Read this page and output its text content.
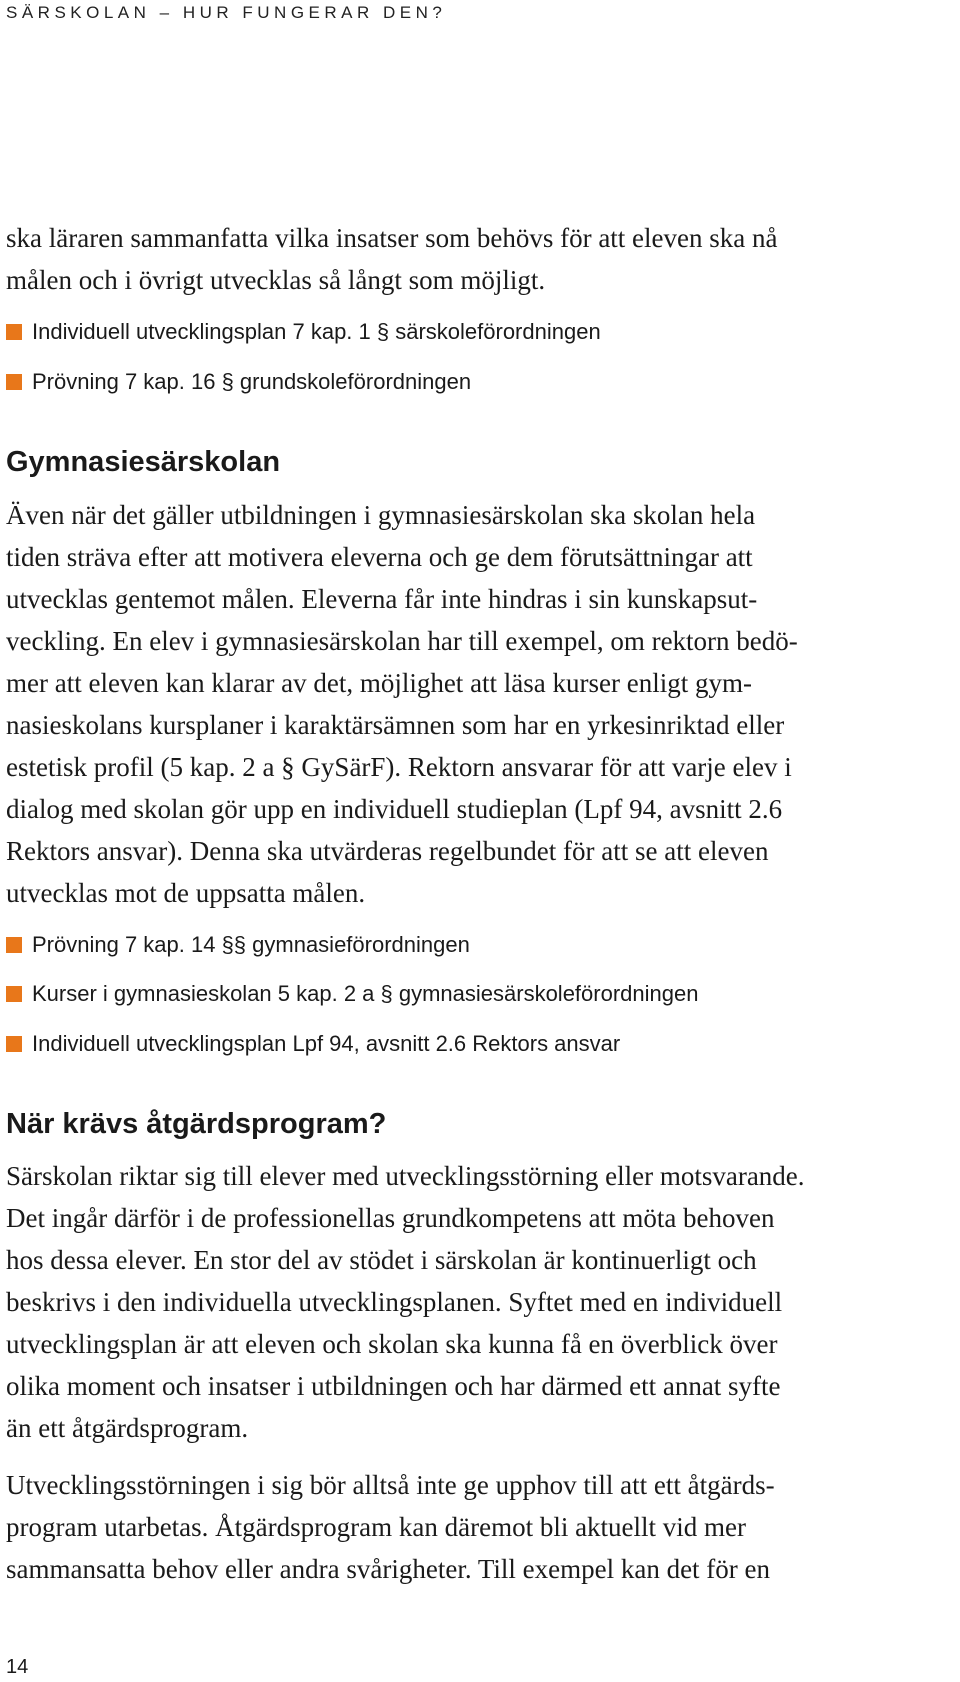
SÄRSKOLAN – HUR FUNGERAR DEN?
ska läraren sammanfatta vilka insatser som behövs för att eleven ska nå
målen och i övrigt utvecklas så långt som möjligt.
Individuell utvecklingsplan 7 kap. 1 § särskoleförordningen
Prövning 7 kap. 16 § grundskoleförordningen
Gymnasiesärskolan
Även när det gäller utbildningen i gymnasiesärskolan ska skolan hela
tiden sträva efter att motivera eleverna och ge dem förutsättningar att
utvecklas gentemot målen. Eleverna får inte hindras i sin kunskapsut-
veckling. En elev i gymnasiesärskolan har till exempel, om rektorn bedö-
mer att eleven kan klarar av det, möjlighet att läsa kurser enligt gym-
nasieskolans kursplaner i karaktärsämnen som har en yrkesinriktad eller
estetisk profil (5 kap. 2 a § GySärF). Rektorn ansvarar för att varje elev i
dialog med skolan gör upp en individuell studieplan (Lpf 94, avsnitt 2.6
Rektors ansvar). Denna ska utvärderas regelbundet för att se att eleven
utvecklas mot de uppsatta målen.
Prövning 7 kap. 14 §§ gymnasieförordningen
Kurser i gymnasieskolan 5 kap. 2 a § gymnasiesärskoleförordningen
Individuell utvecklingsplan Lpf 94, avsnitt 2.6 Rektors ansvar
När krävs åtgärdsprogram?
Särskolan riktar sig till elever med utvecklingsstörning eller motsvarande.
Det ingår därför i de professionellas grundkompetens att möta behoven
hos dessa elever. En stor del av stödet i särskolan är kontinuerligt och
beskrivs i den individuella utvecklingsplanen. Syftet med en individuell
utvecklingsplan är att eleven och skolan ska kunna få en överblick över
olika moment och insatser i utbildningen och har därmed ett annat syfte
än ett åtgärdsprogram.
Utvecklingsstörningen i sig bör alltså inte ge upphov till att ett åtgärds-
program utarbetas. Åtgärdsprogram kan däremot bli aktuellt vid mer
sammansatta behov eller andra svårigheter. Till exempel kan det för en
14
